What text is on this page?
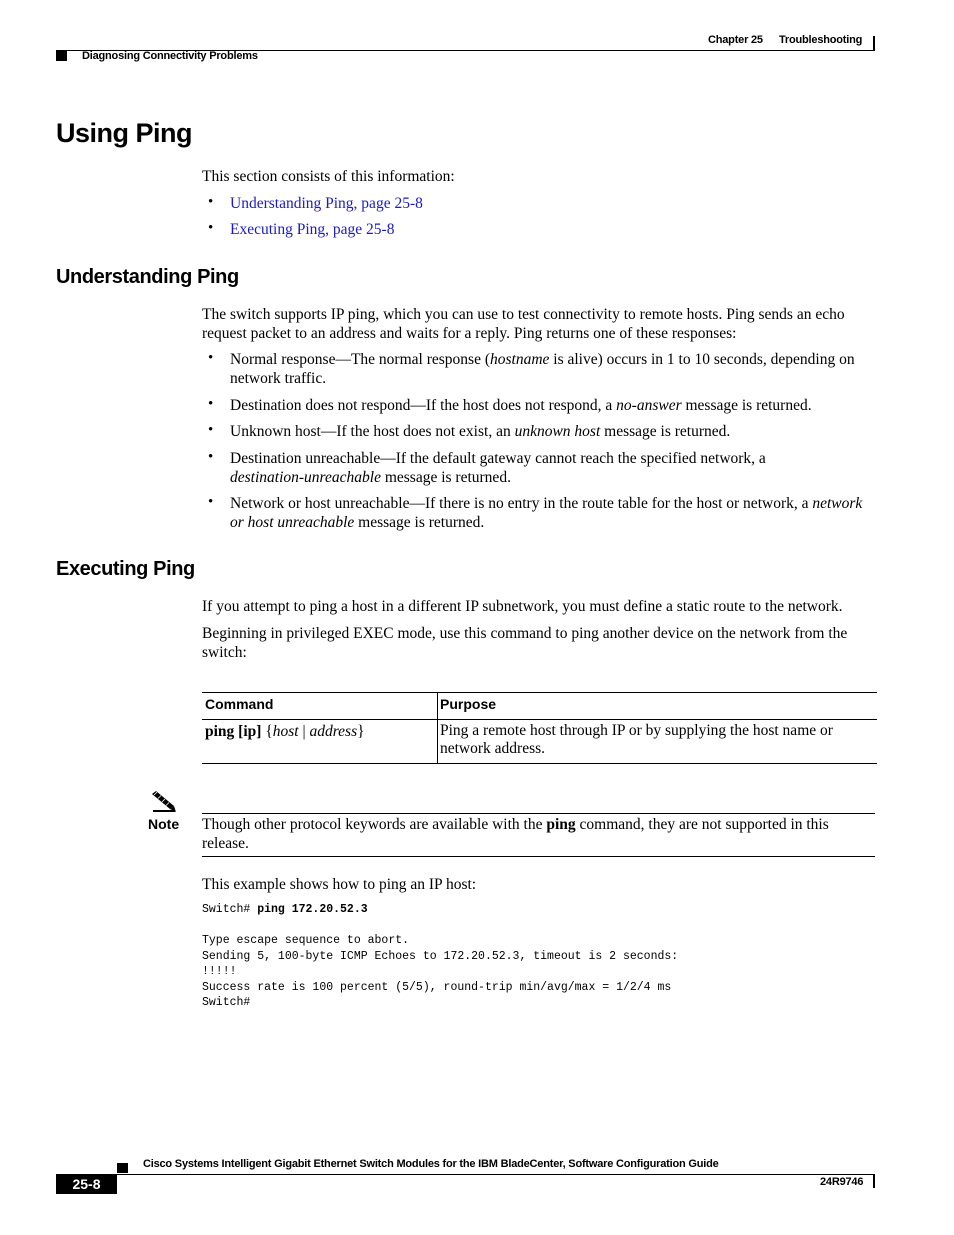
Chapter 25 Troubleshooting
Diagnosing Connectivity Problems
Using Ping
This section consists of this information:
• Understanding Ping, page 25-8
• Executing Ping, page 25-8
Understanding Ping
The switch supports IP ping, which you can use to test connectivity to remote hosts. Ping sends an echo request packet to an address and waits for a reply. Ping returns one of these responses:
• Normal response—The normal response (hostname is alive) occurs in 1 to 10 seconds, depending on network traffic.
• Destination does not respond—If the host does not respond, a no-answer message is returned.
• Unknown host—If the host does not exist, an unknown host message is returned.
• Destination unreachable—If the default gateway cannot reach the specified network, a destination-unreachable message is returned.
• Network or host unreachable—If there is no entry in the route table for the host or network, a network or host unreachable message is returned.
Executing Ping
If you attempt to ping a host in a different IP subnetwork, you must define a static route to the network.
Beginning in privileged EXEC mode, use this command to ping another device on the network from the switch:
Command	Purpose
ping [ip] {host | address}	Ping a remote host through IP or by supplying the host name or network address.
Note Though other protocol keywords are available with the ping command, they are not supported in this release.
This example shows how to ping an IP host:
Switch# ping 172.20.52.3
Type escape sequence to abort.
Sending 5, 100-byte ICMP Echoes to 172.20.52.3, timeout is 2 seconds:
!!!!!
Success rate is 100 percent (5/5), round-trip min/avg/max = 1/2/4 ms
Switch#
Cisco Systems Intelligent Gigabit Ethernet Switch Modules for the IBM BladeCenter, Software Configuration Guide
25-8	24R9746
